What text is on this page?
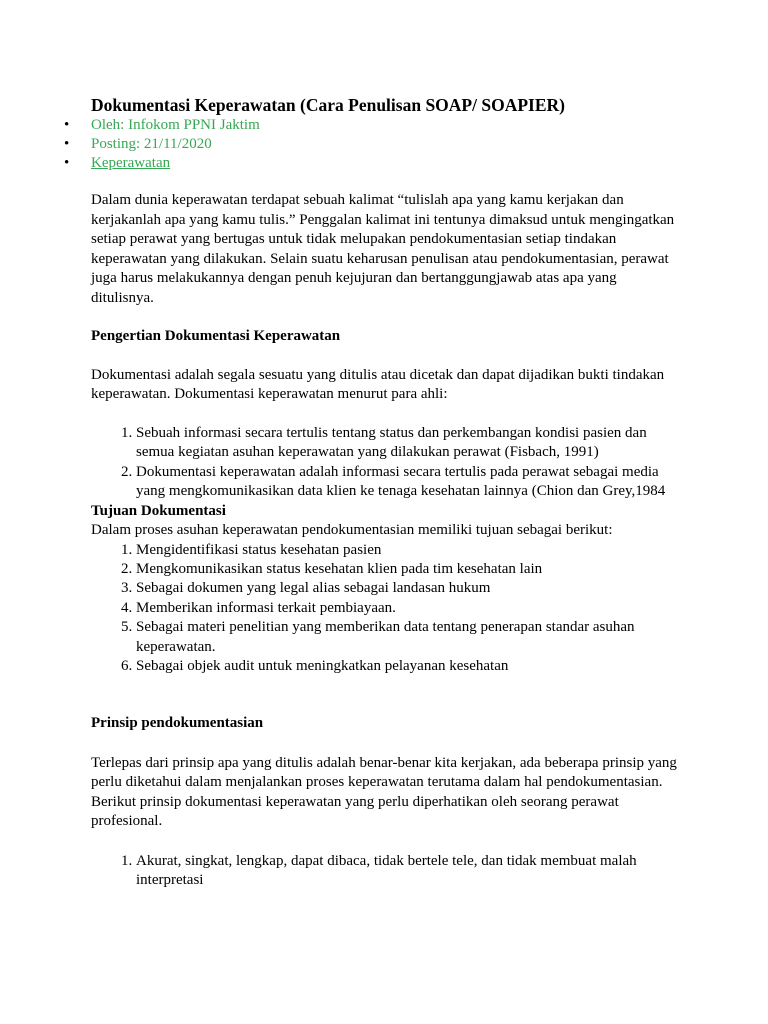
Dokumentasi Keperawatan (Cara Penulisan SOAP/ SOAPIER)
• Oleh: Infokom PPNI Jaktim
• Posting: 21/11/2020
• Keperawatan

Dalam dunia keperawatan terdapat sebuah kalimat “tulislah apa yang kamu kerjakan dan kerjakanlah apa yang kamu tulis.” Penggalan kalimat ini tentunya dimaksud untuk mengingatkan setiap perawat yang bertugas untuk tidak melupakan pendokumentasian setiap tindakan keperawatan yang dilakukan. Selain suatu keharusan penulisan atau pendokumentasian, perawat juga harus melakukannya dengan penuh kejujuran dan bertanggungjawab atas apa yang ditulisnya.

Pengertian Dokumentasi Keperawatan

Dokumentasi adalah segala sesuatu yang ditulis atau dicetak dan dapat dijadikan bukti tindakan keperawatan. Dokumentasi keperawatan menurut para ahli:

1. Sebuah informasi secara tertulis tentang status dan perkembangan kondisi pasien dan semua kegiatan asuhan keperawatan yang dilakukan perawat (Fisbach, 1991)
2. Dokumentasi keperawatan adalah informasi secara tertulis pada perawat sebagai media yang mengkomunikasikan data klien ke tenaga kesehatan lainnya (Chion dan Grey,1984
Tujuan Dokumentasi

Dalam proses asuhan keperawatan pendokumentasian memiliki tujuan sebagai berikut:

1. Mengidentifikasi status kesehatan pasien
2. Mengkomunikasikan status kesehatan klien pada tim kesehatan lain
3. Sebagai dokumen yang legal alias sebagai landasan hukum
4. Memberikan informasi terkait pembiayaan.
5. Sebagai materi penelitian yang memberikan data tentang penerapan standar asuhan keperawatan.
6. Sebagai objek audit untuk meningkatkan pelayanan kesehatan
Prinsip pendokumentasian

Terlepas dari prinsip apa yang ditulis adalah benar-benar kita kerjakan, ada beberapa prinsip yang perlu diketahui dalam menjalankan proses keperawatan terutama dalam hal pendokumentasian. Berikut prinsip dokumentasi keperawatan yang perlu diperhatikan oleh seorang perawat profesional.

1. Akurat, singkat, lengkap, dapat dibaca, tidak bertele tele, dan tidak membuat malah interpretasi
